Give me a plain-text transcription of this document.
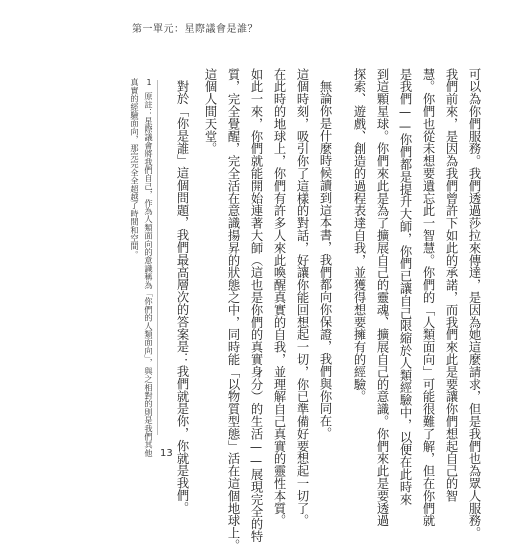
第一單元：星際議會是誰？
可以為你們服務。我們透過莎拉來傳達，是因為她這麼請求，但是我們也為眾人服務。
我們前來，是因為我們曾許下如此的承諾，而我們來此是要讓你們想起自己的智
慧。你們也從未想要遺忘此一智慧。你們的「人類面向」可能很難了解，但在你們就
是我們——你們都是提升大師，你們已讓自己限縮於人類經驗中，以便在此時來
到這顆星球。你們來此是為了擴展自己的靈魂、擴展自己的意識。你們來此是要透過
探索、遊戲、創造的過程表達自我，並獲得想要擁有的經驗。
無論你是什麼時候讀到這本書，我們都向你保證，我們與你同在。
這個時刻，吸引你了這樣的對話，好讓你能回想起一切，你已準備好要想起一切了。
在此時的地球上，你們有許多人來此喚醒真實的自我，並理解自己真實的靈性本質。
如此一來，你們就能開始連著大師（這也是你們的真實身分）的生活——展現完全的特
質，完全覺醒，完全活在意識揚昇的狀態之中，同時能「以物質型態」活在這個地球上。
這個人間天堂。
對於「你是誰」這個問題，我們最高層次的答案是：我們就是你，你就是我們。
1
原註：星際議會將我們自己，作為人類面向的意識稱為「你們的人類面向」，與之相對的則是我們其他
真實的經驗面向，那完完全全超越了時間和空間。
13
